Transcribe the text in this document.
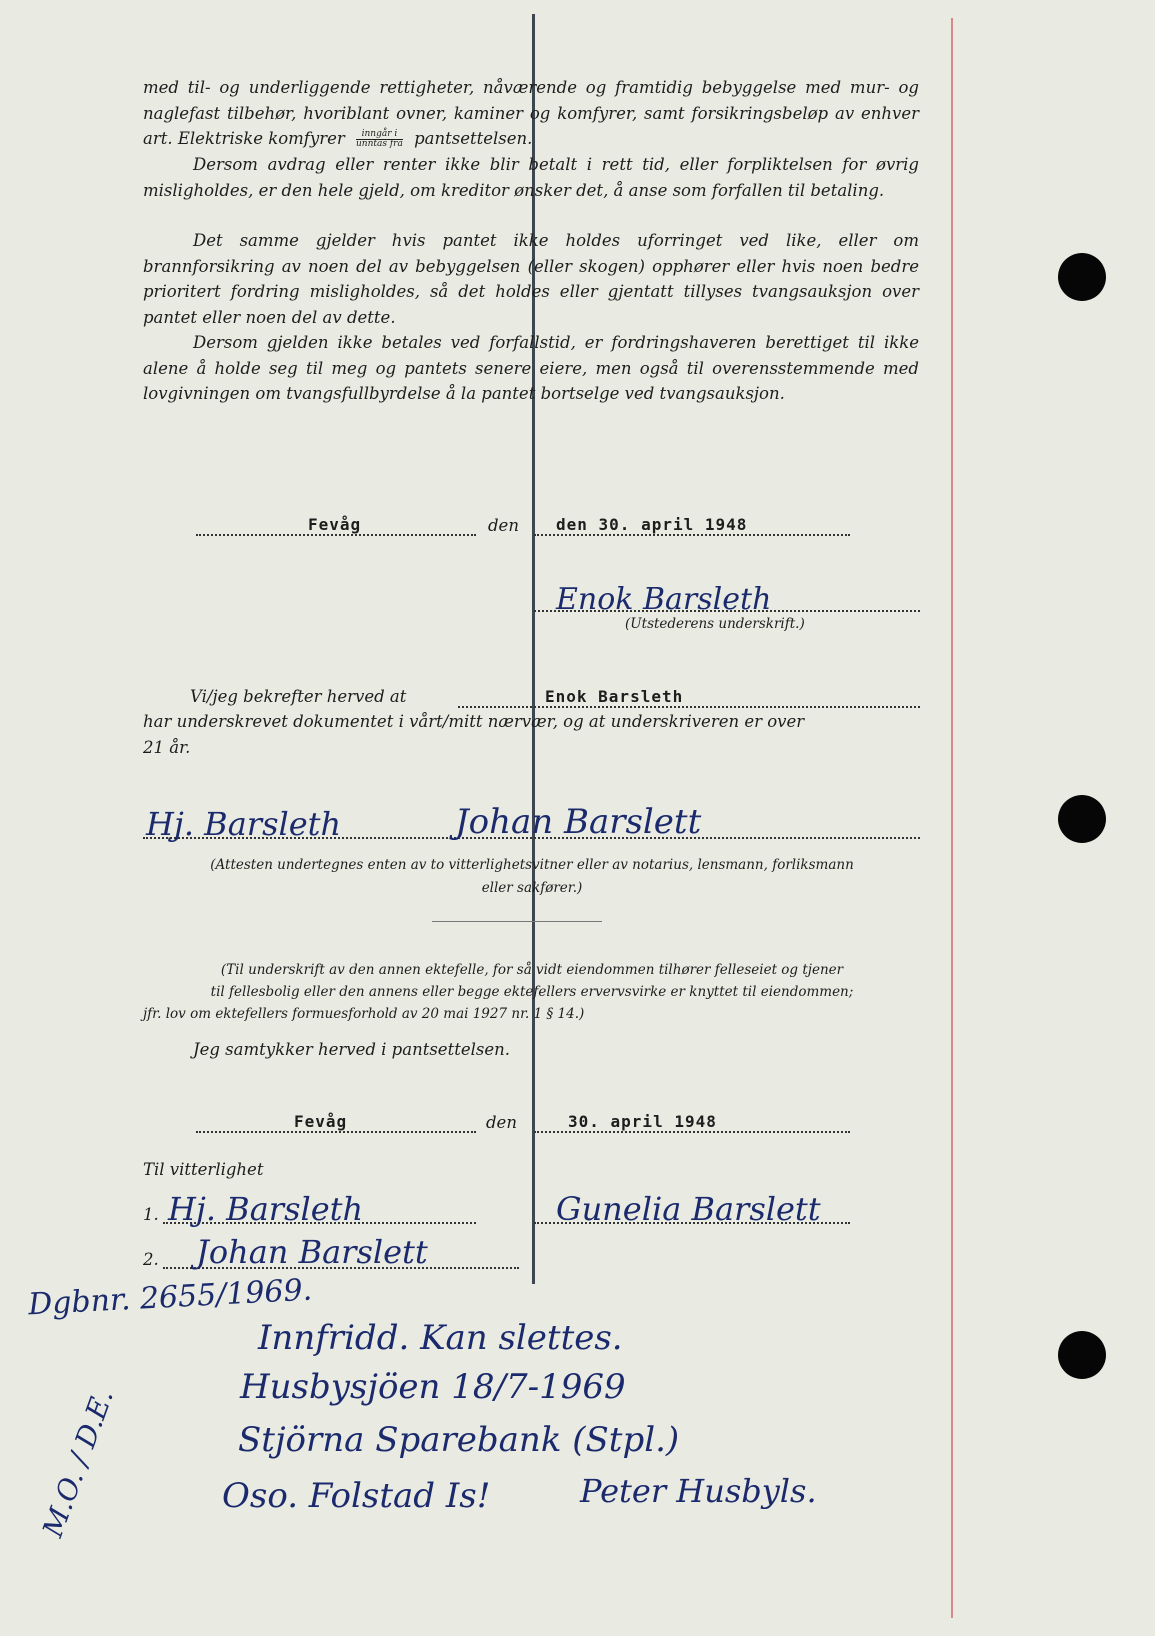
med til- og underliggende rettigheter, nåværende og framtidig bebyggelse med mur- og naglefast tilbehør, hvoriblant ovner, kaminer og komfyrer, samt forsikringsbeløp av enhver art. Elektriske komfyrer $\frac{\text{inngår i}}{\text{unntas fra}}$ pantsettelsen.

Dersom avdrag eller renter ikke blir betalt i rett tid, eller forpliktelsen for øvrig misligholdes, er den hele gjeld, om kreditor ønsker det, å anse som forfallen til betaling.

Det samme gjelder hvis pantet ikke holdes uforringet ved like, eller om brannforsikring av noen del av bebyggelsen (eller skogen) opphører eller hvis noen bedre prioritert fordring misligholdes, så det holdes eller gjentatt tillyses tvangsauksjon over pantet eller noen del av dette.

Dersom gjelden ikke betales ved forfallstid, er fordringshaveren berettiget til ikke alene å holde seg til meg og pantets senere eiere, men også til overensstemmende med lovgivningen om tvangsfullbyrdelse å la pantet bortselge ved tvangsauksjon.

Fevåg	den den 30. april 1948
Enok Barsleth
(Utstederens underskrift.)
Vi/jeg bekrefter herved at	Enok Barsleth
har underskrevet dokumentet i vårt/mitt nærvær, og at underskriveren er over
21 år.
Hj. Barsleth	Johan Barslett
(Attesten undertegnes enten av to vitterlighetsvitner eller av notarius, lensmann, forliksmann
eller sakfører.)
(Til underskrift av den annen ektefelle, for så vidt eiendommen tilhører felleseiet og tjener
til fellesbolig eller den annens eller begge ektefellers ervervsvirke er knyttet til eiendommen;
jfr. lov om ektefellers formuesforhold av 20 mai 1927 nr. 1 § 14.)
Jeg samtykker herved i pantsettelsen.
Fevåg	den	30. april 1948
Til vitterlighet
1. Hj. Barsleth	Gunelia Barslett
2. Johan Barslett
Dgbnr. 2655/1969.
Innfridd. Kan slettes.
Husbysjöen 18/7-1969
Stjörna Sparebank (Stpl.)
Oso. Folstad Is!	Peter Husbyls.
M.O. / D.E.
